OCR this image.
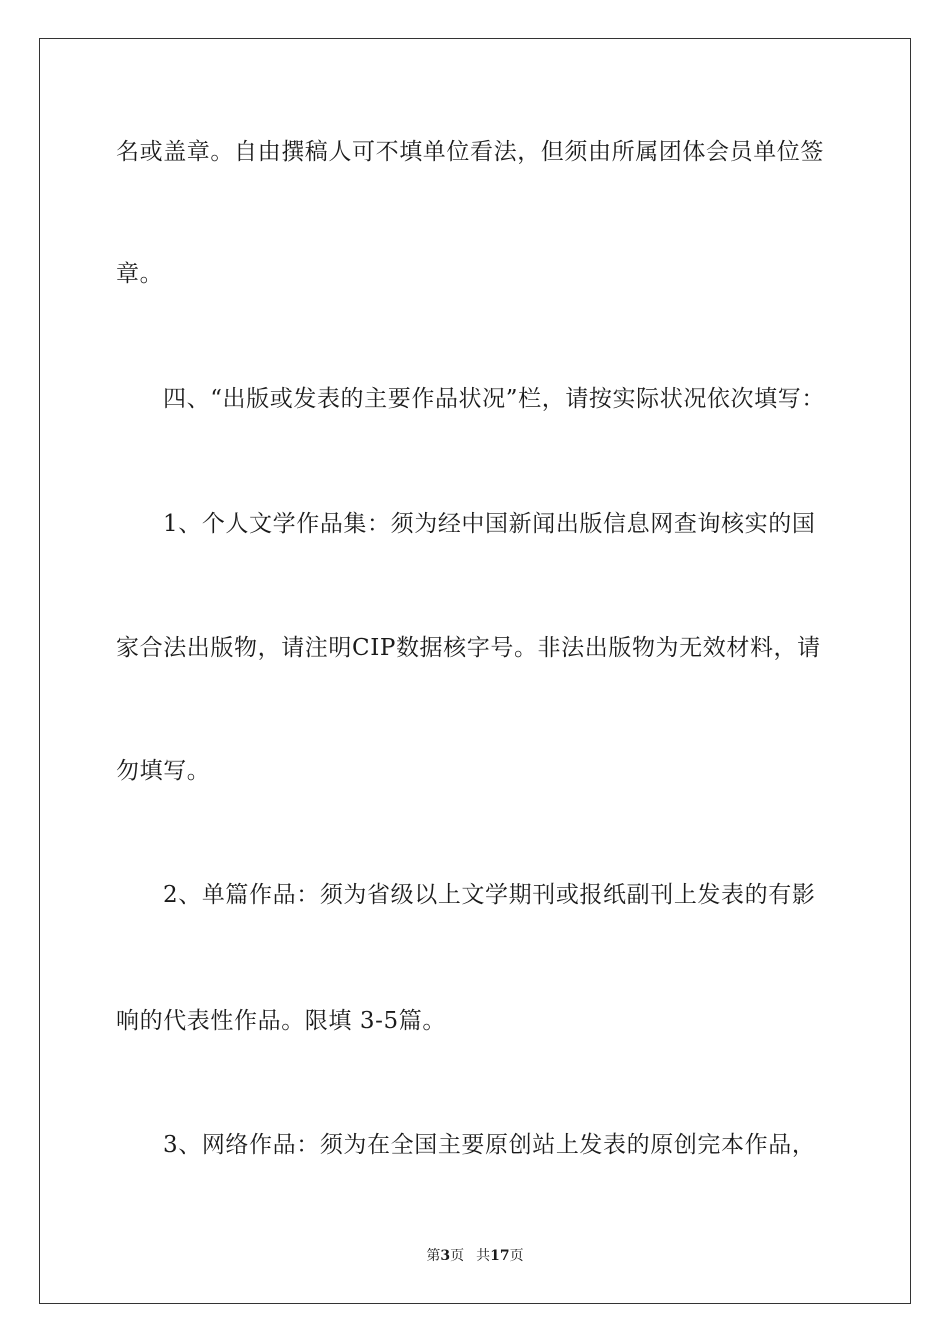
名或盖章。自由撰稿人可不填单位看法，但须由所属团体会员单位签
章。
四、“出版或发表的主要作品状况”栏，请按实际状况依次填写：
1、个人文学作品集：须为经中国新闻出版信息网查询核实的国
家合法出版物，请注明CIP数据核字号。非法出版物为无效材料，请
勿填写。
2、单篇作品：须为省级以上文学期刊或报纸副刊上发表的有影
响的代表性作品。限填 3-5篇。
3、网络作品：须为在全国主要原创站上发表的原创完本作品，
第3页 共17页
